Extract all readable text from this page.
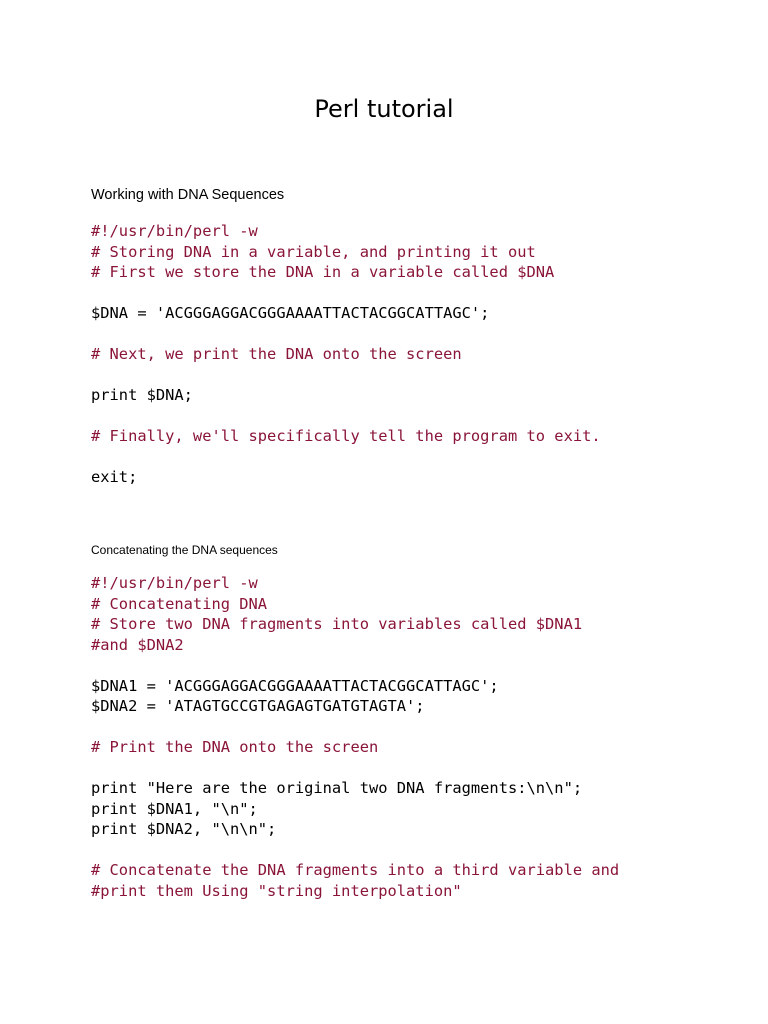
Perl tutorial
Working with DNA Sequences
#!/usr/bin/perl -w
# Storing DNA in a variable, and printing it out
# First we store the DNA in a variable called $DNA
$DNA = 'ACGGGAGGACGGGAAAATTACTACGGCATTAGC';
# Next, we print the DNA onto the screen
print $DNA;
# Finally, we'll specifically tell the program to exit.
exit;
Concatenating the DNA sequences
#!/usr/bin/perl -w
# Concatenating DNA
# Store two DNA fragments into variables called $DNA1
#and $DNA2
$DNA1 = 'ACGGGAGGACGGGAAAATTACTACGGCATTAGC';
$DNA2 = 'ATAGTGCCGTGAGAGTGATGTAGTA';
# Print the DNA onto the screen
print "Here are the original two DNA fragments:\n\n";
print $DNA1, "\n";
print $DNA2, "\n\n";
# Concatenate the DNA fragments into a third variable and
#print them Using "string interpolation"
